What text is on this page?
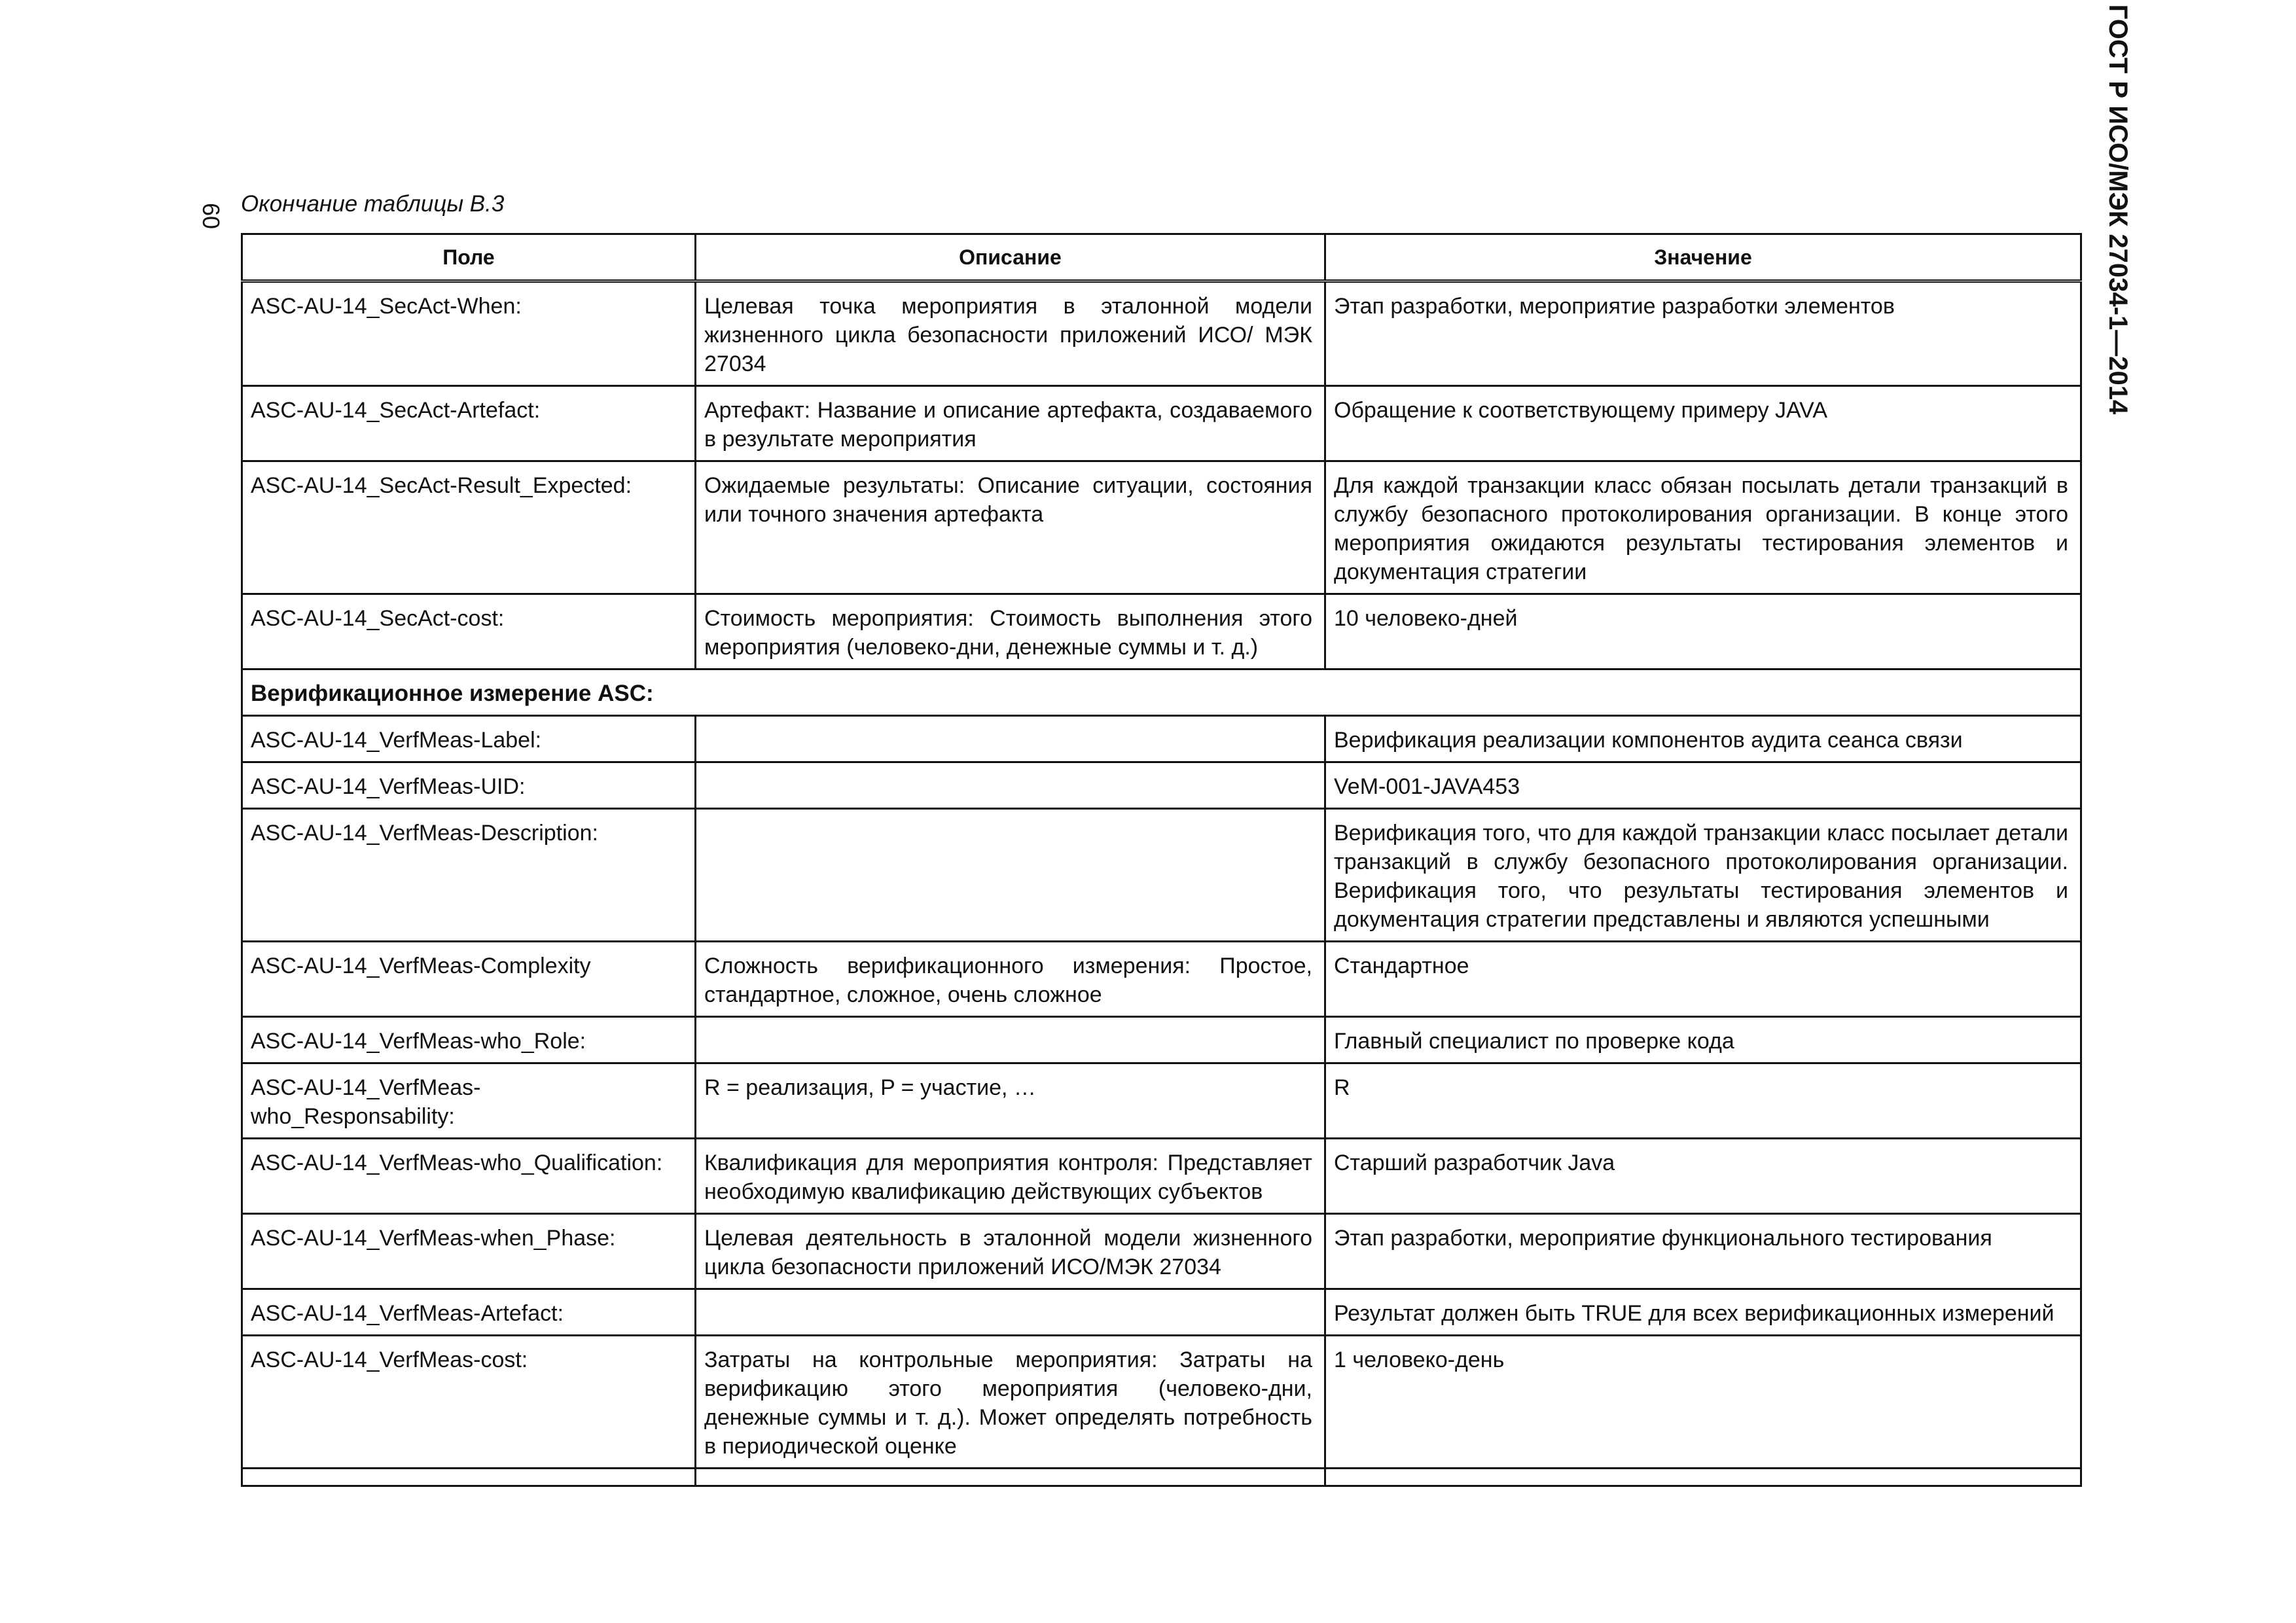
60 Окончание таблицы В.3	ГОСТ Р ИСО/МЭК 27034-1—2014
Поле	Описание	Значение
ASC-AU-14_SecAct-When:	Целевая точка мероприятия в эталонной модели жизненного цикла безопасности приложений ИСО/ МЭК 27034	Этап разработки, мероприятие разработки элементов
ASC-AU-14_SecAct-Artefact:	Артефакт: Название и описание артефакта, создаваемого в результате мероприятия	Обращение к соответствующему примеру JAVA
ASC-AU-14_SecAct-Result_Expected:	Ожидаемые результаты: Описание ситуации, состояния или точного значения артефакта	Для каждой транзакции класс обязан посылать детали транзакций в службу безопасного протоколирования организации. В конце этого мероприятия ожидаются результаты тестирования элементов и документация стратегии
ASC-AU-14_SecAct-cost:	Стоимость мероприятия: Стоимость выполнения этого мероприятия (человеко-дни, денежные суммы и т. д.)	10 человеко-дней
Верификационное измерение ASC:		
ASC-AU-14_VerfMeas-Label:		Верификация реализации компонентов аудита сеанса связи
ASC-AU-14_VerfMeas-UID:		VeM-001-JAVA453
ASC-AU-14_VerfMeas-Description:		Верификация того, что для каждой транзакции класс посылает детали транзакций в службу безопасного протоколирования организации. Верификация того, что результаты тестирования элементов и документация стратегии представлены и являются успешными
ASC-AU-14_VerfMeas-Complexity	Сложность верификационного измерения: Простое, стандартное, сложное, очень сложное	Стандартное
ASC-AU-14_VerfMeas-who_Role:		Главный специалист по проверке кода
ASC-AU-14_VerfMeas-who_Responsability:	R = реализация, P = участие, …	R
ASC-AU-14_VerfMeas-who_Qualification:	Квалификация для мероприятия контроля: Представляет необходимую квалификацию действующих субъектов	Старший разработчик Java
ASC-AU-14_VerfMeas-when_Phase:	Целевая деятельность в эталонной модели жизненного цикла безопасности приложений ИСО/МЭК 27034	Этап разработки, мероприятие функционального тестирования
ASC-AU-14_VerfMeas-Artefact:		Результат должен быть TRUE для всех верификационных измерений
ASC-AU-14_VerfMeas-cost:	Затраты на контрольные мероприятия: Затраты на верификацию этого мероприятия (человеко-дни, денежные суммы и т. д.). Может определять потребность в периодической оценке	1 человеко-день
